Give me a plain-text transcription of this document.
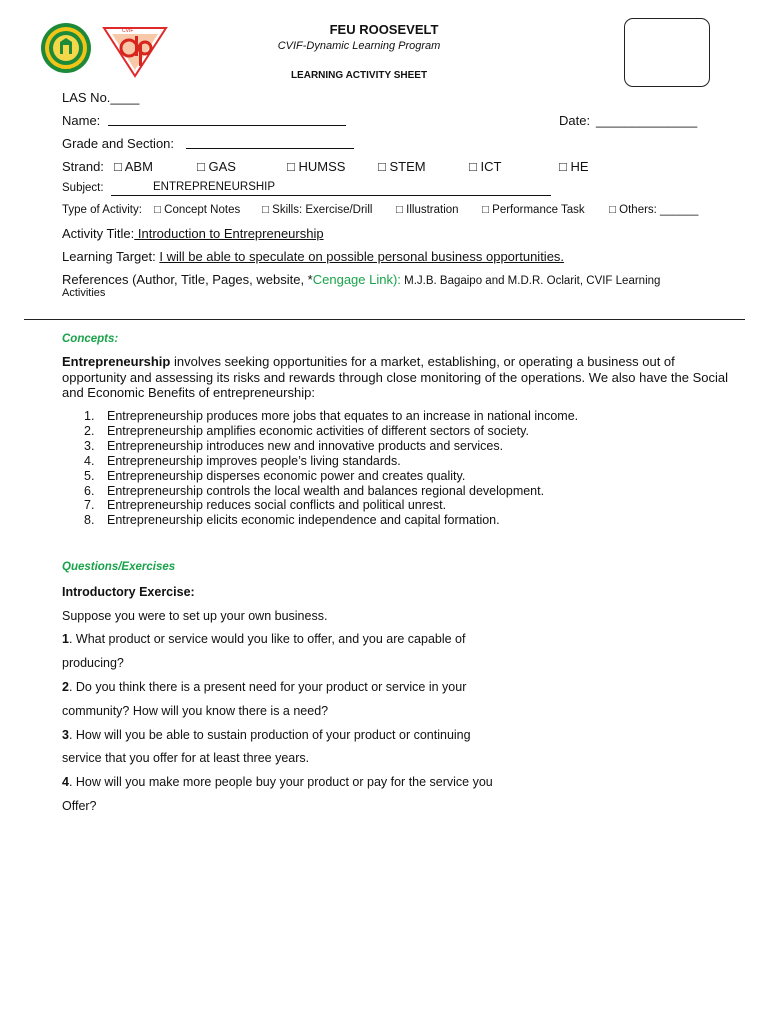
1933
CVIF	FEU ROOSEVELT
CVIF-Dynamic Learning Program
LEARNING ACTIVITY SHEET
LAS No.____
Name:	Date: ______________
Grade and Section:
Strand: □ ABM	□ GAS	□ HUMSS	□ STEM	□ ICT	□ HE
Subject:	ENTREPRENEURSHIP
Type of Activity: □ Concept Notes □ Skills: Exercise/Drill □ Illustration □ Performance Task □ Others: ______
Activity Title: Introduction to Entrepreneurship
Learning Target: I will be able to speculate on possible personal business opportunities.
References (Author, Title, Pages, website, *Cengage Link): M.J.B. Bagaipo and M.D.R. Oclarit, CVIF Learning
Activities
Concepts:
Entrepreneurship involves seeking opportunities for a market, establishing, or operating a business out of opportunity and assessing its risks and rewards through close monitoring of the operations. We also have the Social and Economic Benefits of entrepreneurship:
1. Entrepreneurship produces more jobs that equates to an increase in national income.
2. Entrepreneurship amplifies economic activities of different sectors of society.
3. Entrepreneurship introduces new and innovative products and services.
4. Entrepreneurship improves people’s living standards.
5. Entrepreneurship disperses economic power and creates quality.
6. Entrepreneurship controls the local wealth and balances regional development.
7. Entrepreneurship reduces social conflicts and political unrest.
8. Entrepreneurship elicits economic independence and capital formation.
Questions/Exercises
Introductory Exercise:
Suppose you were to set up your own business.
1. What product or service would you like to offer, and you are capable of
producing?
2. Do you think there is a present need for your product or service in your
community? How will you know there is a need?
3. How will you be able to sustain production of your product or continuing
service that you offer for at least three years.
4. How will you make more people buy your product or pay for the service you
Offer?
